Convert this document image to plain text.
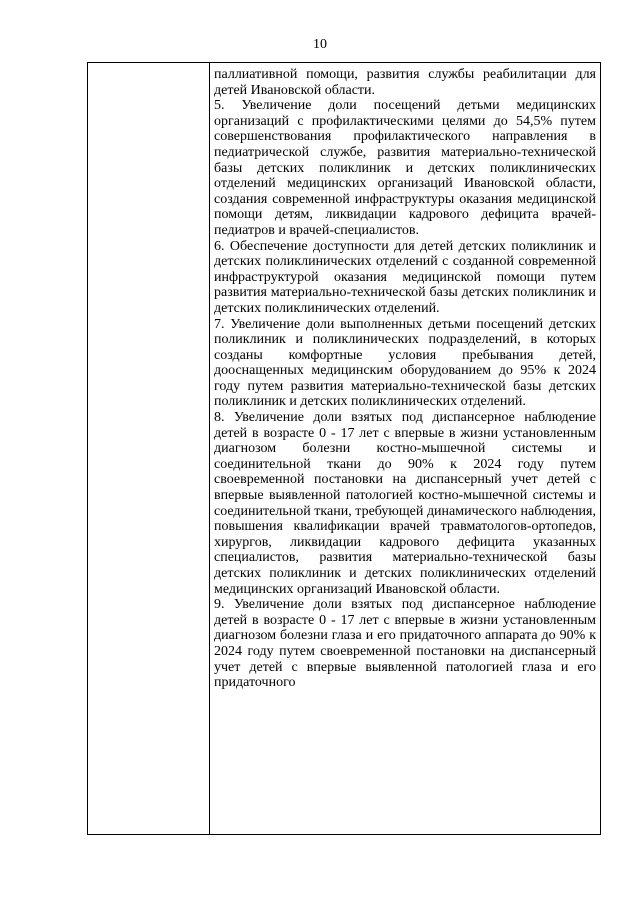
10

паллиативной помощи, развития службы реабилитации для детей Ивановской области.

5. Увеличение доли посещений детьми медицинских организаций с профилактическими целями до 54,5% путем совершенствования профилактического направления в педиатрической службе, развития материально-технической базы детских поликлиник и детских поликлинических отделений медицинских организаций Ивановской области, создания современной инфраструктуры оказания медицинской помощи детям, ликвидации кадрового дефицита врачей-педиатров и врачей-специалистов.

6. Обеспечение доступности для детей детских поликлиник и детских поликлинических отделений с созданной современной инфраструктурой оказания медицинской помощи путем развития материально-технической базы детских поликлиник и детских поликлинических отделений.

7. Увеличение доли выполненных детьми посещений детских поликлиник и поликлинических подразделений, в которых созданы комфортные условия пребывания детей, дооснащенных медицинским оборудованием до 95% к 2024 году путем развития материально-технической базы детских поликлиник и детских поликлинических отделений.

8. Увеличение доли взятых под диспансерное наблюдение детей в возрасте 0 - 17 лет с впервые в жизни установленным диагнозом болезни костно-мышечной системы и соединительной ткани до 90% к 2024 году путем своевременной постановки на диспансерный учет детей с впервые выявленной патологией костно-мышечной системы и соединительной ткани, требующей динамического наблюдения, повышения квалификации врачей травматологов-ортопедов, хирургов, ликвидации кадрового дефицита указанных специалистов, развития материально-технической базы детских поликлиник и детских поликлинических отделений медицинских организаций Ивановской области.

9. Увеличение доли взятых под диспансерное наблюдение детей в возрасте 0 - 17 лет с впервые в жизни установленным диагнозом болезни глаза и его придаточного аппарата до 90% к 2024 году путем своевременной постановки на диспансерный учет детей с впервые выявленной патологией глаза и его придаточного
